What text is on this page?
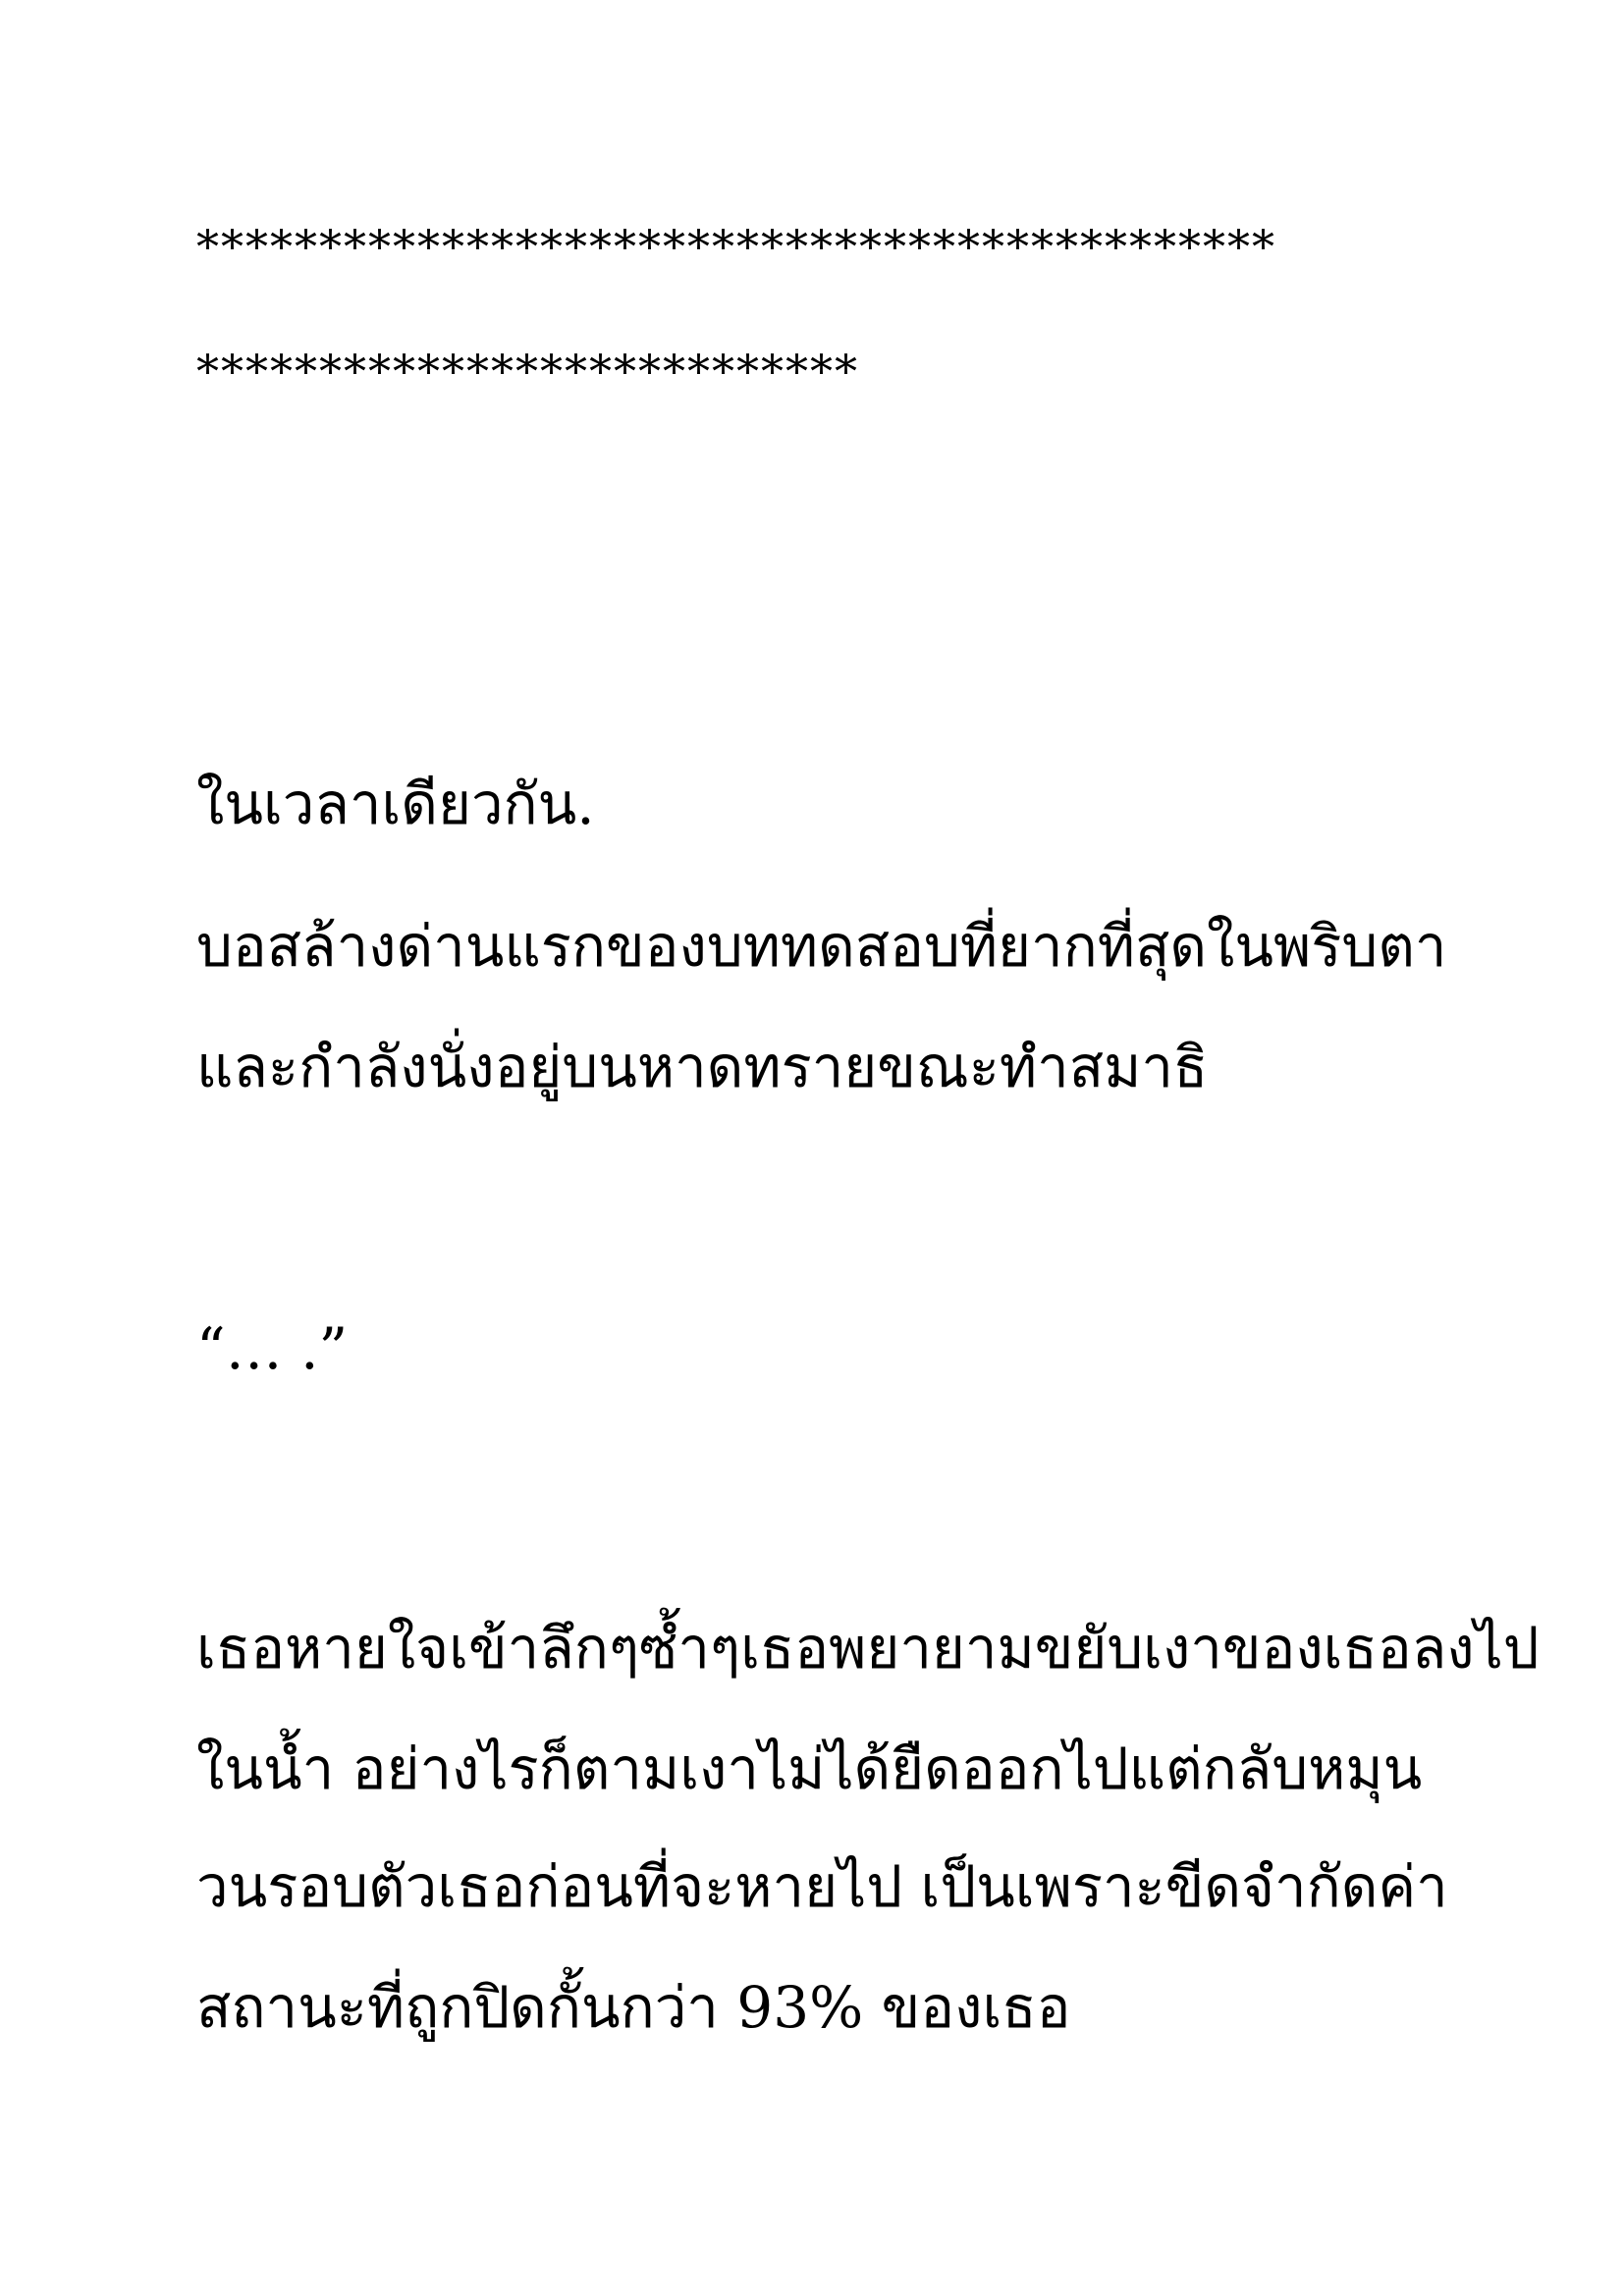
********************************************
***************************
ในเวลาเดียวกัน.
บอสล้างด่านแรกของบททดสอบที่ยากที่สุดในพริบตา
และกำลังนั่งอยู่บนหาดทรายขณะทำสมาธิ
“… .”
เธอหายใจเข้าลึกๆซ้ำๆเธอพยายามขยับเงาของเธอลงไป
ในน้ำ อย่างไรก็ตามเงาไม่ได้ยืดออกไปแต่กลับหมุน
วนรอบตัวเธอก่อนที่จะหายไป เป็นเพราะขีดจำกัดค่า
สถานะที่ถูกปิดกั้นกว่า 93% ของเธอ
